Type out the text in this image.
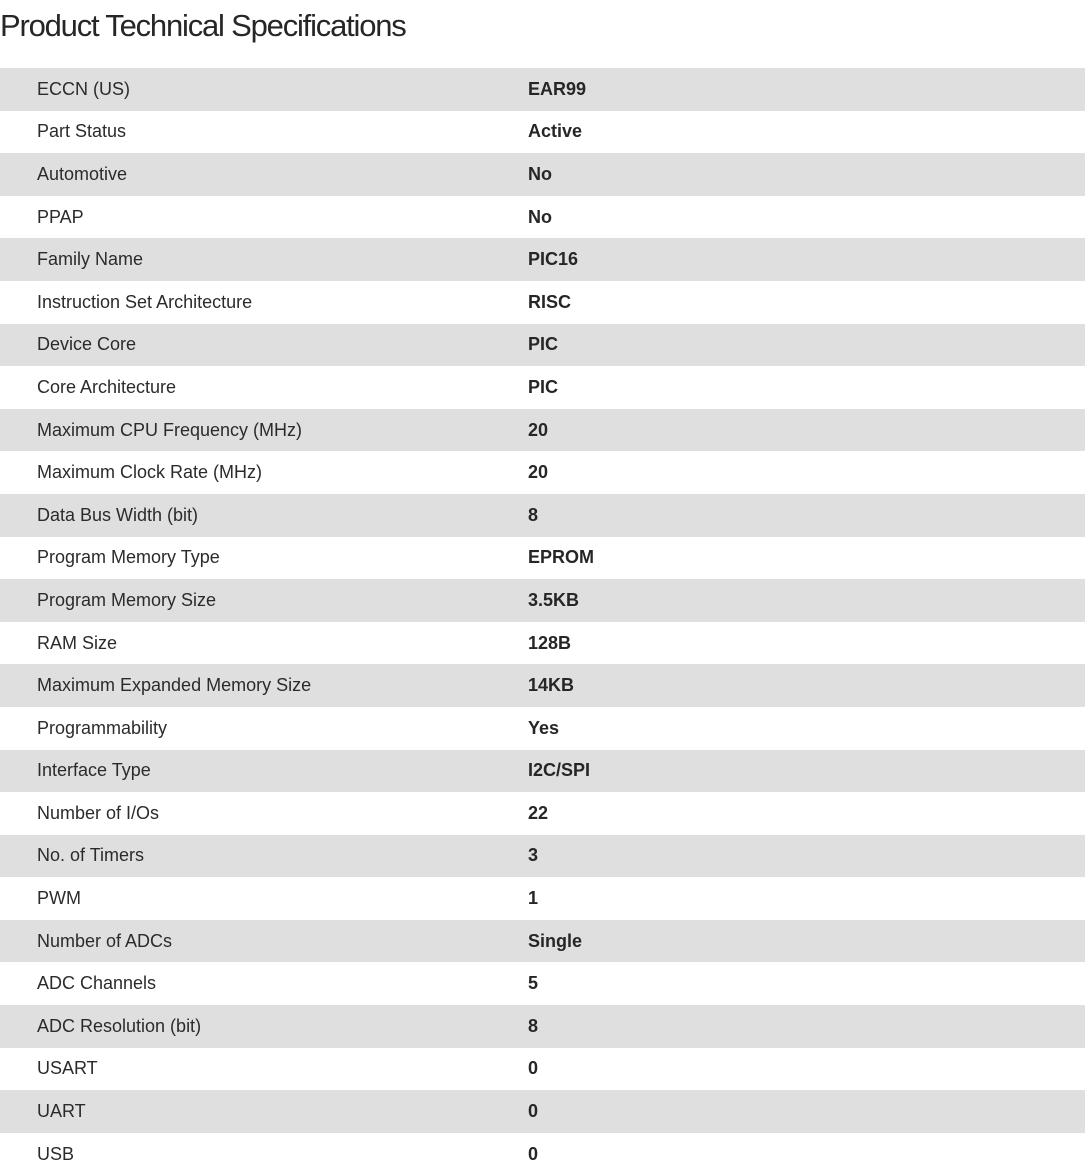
Product Technical Specifications
ECCN (US)	EAR99
Part Status	Active
Automotive	No
PPAP	No
Family Name	PIC16
Instruction Set Architecture	RISC
Device Core	PIC
Core Architecture	PIC
Maximum CPU Frequency (MHz)	20
Maximum Clock Rate (MHz)	20
Data Bus Width (bit)	8
Program Memory Type	EPROM
Program Memory Size	3.5KB
RAM Size	128B
Maximum Expanded Memory Size	14KB
Programmability	Yes
Interface Type	I2C/SPI
Number of I/Os	22
No. of Timers	3
PWM	1
Number of ADCs	Single
ADC Channels	5
ADC Resolution (bit)	8
USART	0
UART	0
USB	0
